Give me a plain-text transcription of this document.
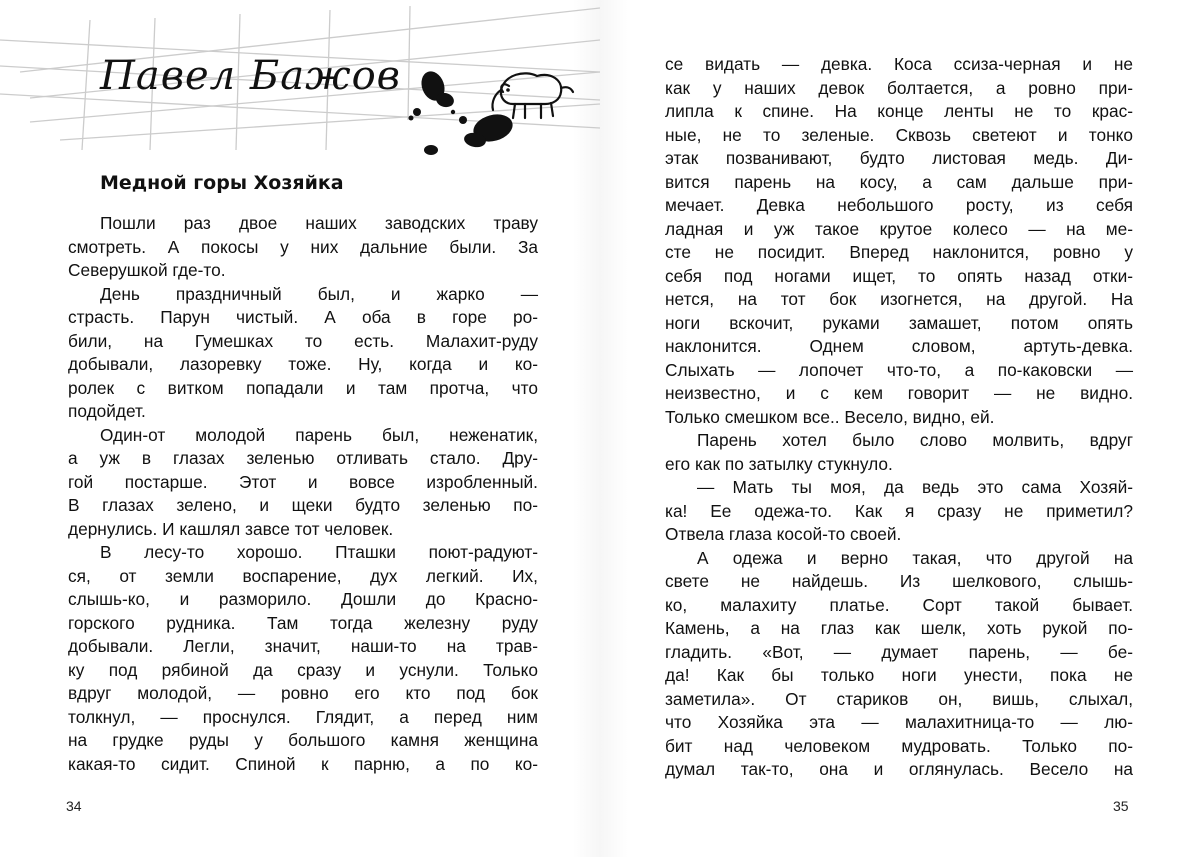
Павел Бажов
Медной горы Хозяйка
Пошли раз двое наших заводских траву
смотреть. А покосы у них дальние были. За
Северушкой где-то.
День праздничный был, и жарко —
страсть. Парун чистый. А оба в горе ро-
били, на Гумешках то есть. Малахит-руду
добывали, лазоревку тоже. Ну, когда и ко-
ролек с витком попадали и там протча, что
подойдет.
Один-от молодой парень был, неженатик,
а уж в глазах зеленью отливать стало. Дру-
гой постарше. Этот и вовсе изробленный.
В глазах зелено, и щеки будто зеленью по-
дернулись. И кашлял завсе тот человек.
В лесу-то хорошо. Пташки поют-радуют-
ся, от земли воспарение, дух легкий. Их,
слышь-ко, и разморило. Дошли до Красно-
горского рудника. Там тогда железну руду
добывали. Легли, значит, наши-то на трав-
ку под рябиной да сразу и уснули. Только
вдруг молодой, — ровно его кто под бок
толкнул, — проснулся. Глядит, а перед ним
на грудке руды у большого камня женщина
какая-то сидит. Спиной к парню, а по ко-
34	35
се видать — девка. Коса ссиза-черная и не
как у наших девок болтается, а ровно при-
липла к спине. На конце ленты не то крас-
ные, не то зеленые. Сквозь светеют и тонко
этак позванивают, будто листовая медь. Ди-
вится парень на косу, а сам дальше при-
мечает. Девка небольшого росту, из себя
ладная и уж такое крутое колесо — на ме-
сте не посидит. Вперед наклонится, ровно у
себя под ногами ищет, то опять назад отки-
нется, на тот бок изогнется, на другой. На
ноги вскочит, руками замашет, потом опять
наклонится. Однем словом, артуть-девка.
Слыхать — лопочет что-то, а по-каковски —
неизвестно, и с кем говорит — не видно.
Только смешком все.. Весело, видно, ей.
Парень хотел было слово молвить, вдруг
его как по затылку стукнуло.
— Мать ты моя, да ведь это сама Хозяй-
ка! Ее одежа-то. Как я сразу не приметил?
Отвела глаза косой-то своей.
А одежа и верно такая, что другой на
свете не найдешь. Из шелкового, слышь-
ко, малахиту платье. Сорт такой бывает.
Камень, а на глаз как шелк, хоть рукой по-
гладить. «Вот, — думает парень, — бе-
да! Как бы только ноги унести, пока не
заметила». От стариков он, вишь, слыхал,
что Хозяйка эта — малахитница-то — лю-
бит над человеком мудровать. Только по-
думал так-то, она и оглянулась. Весело на
